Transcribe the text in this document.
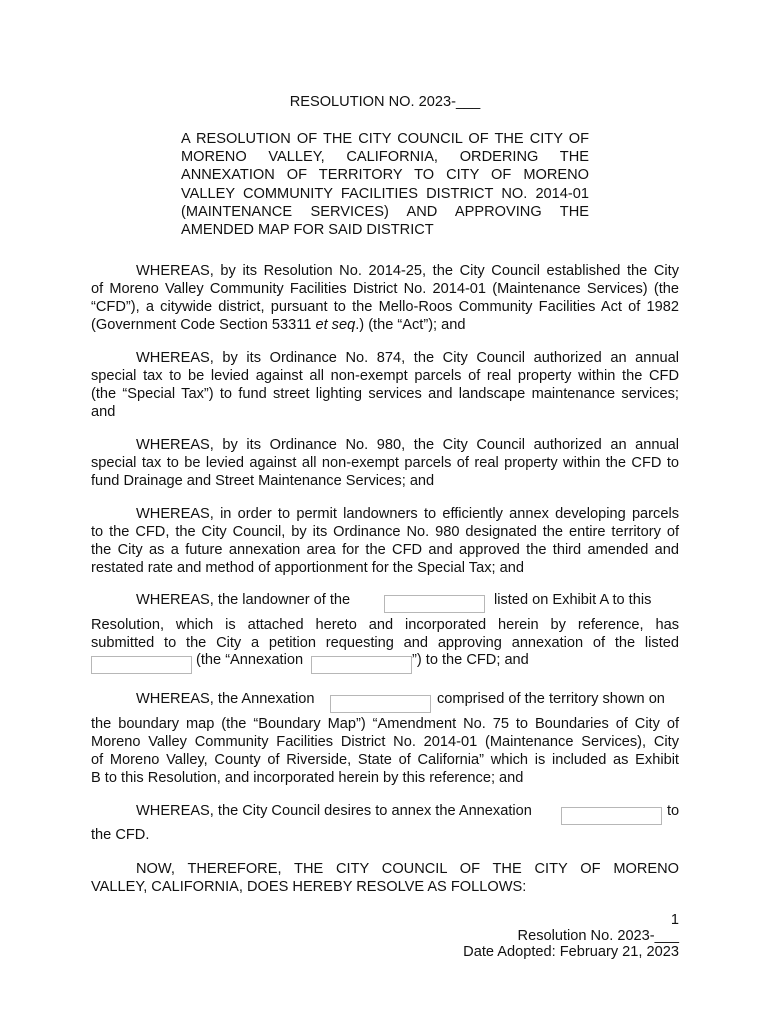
RESOLUTION NO. 2023-___
A RESOLUTION OF THE CITY COUNCIL OF THE CITY OF
MORENO VALLEY, CALIFORNIA, ORDERING THE
ANNEXATION OF TERRITORY TO CITY OF MORENO
VALLEY COMMUNITY FACILITIES DISTRICT NO. 2014-01
(MAINTENANCE SERVICES) AND APPROVING THE
AMENDED MAP FOR SAID DISTRICT
WHEREAS, by its Resolution No. 2014-25, the City Council established the City
of Moreno Valley Community Facilities District No. 2014-01 (Maintenance Services) (the
“CFD”), a citywide district, pursuant to the Mello-Roos Community Facilities Act of 1982
(Government Code Section 53311 et seq.) (the “Act”); and
WHEREAS, by its Ordinance No. 874, the City Council authorized an annual
special tax to be levied against all non-exempt parcels of real property within the CFD
(the “Special Tax”) to fund street lighting services and landscape maintenance services;
and
WHEREAS, by its Ordinance No. 980, the City Council authorized an annual
special tax to be levied against all non-exempt parcels of real property within the CFD to
fund Drainage and Street Maintenance Services; and
WHEREAS, in order to permit landowners to efficiently annex developing parcels
to the CFD, the City Council, by its Ordinance No. 980 designated the entire territory of
the City as a future annexation area for the CFD and approved the third amended and
restated rate and method of apportionment for the Special Tax; and
WHEREAS, the landowner of the	listed on Exhibit A to this
Resolution, which is attached hereto and incorporated herein by reference, has
submitted to the City a petition requesting and approving annexation of the listed
(the “Annexation	”) to the CFD; and
WHEREAS, the Annexation	comprised of the territory shown on
the boundary map (the “Boundary Map”) “Amendment No. 75 to Boundaries of City of
Moreno Valley Community Facilities District No. 2014-01 (Maintenance Services), City
of Moreno Valley, County of Riverside, State of California” which is included as Exhibit
B to this Resolution, and incorporated herein by this reference; and
WHEREAS, the City Council desires to annex the Annexation	to
the CFD.
NOW, THEREFORE, THE CITY COUNCIL OF THE CITY OF MORENO
VALLEY, CALIFORNIA, DOES HEREBY RESOLVE AS FOLLOWS:
1
Resolution No. 2023-___
Date Adopted: February 21, 2023
